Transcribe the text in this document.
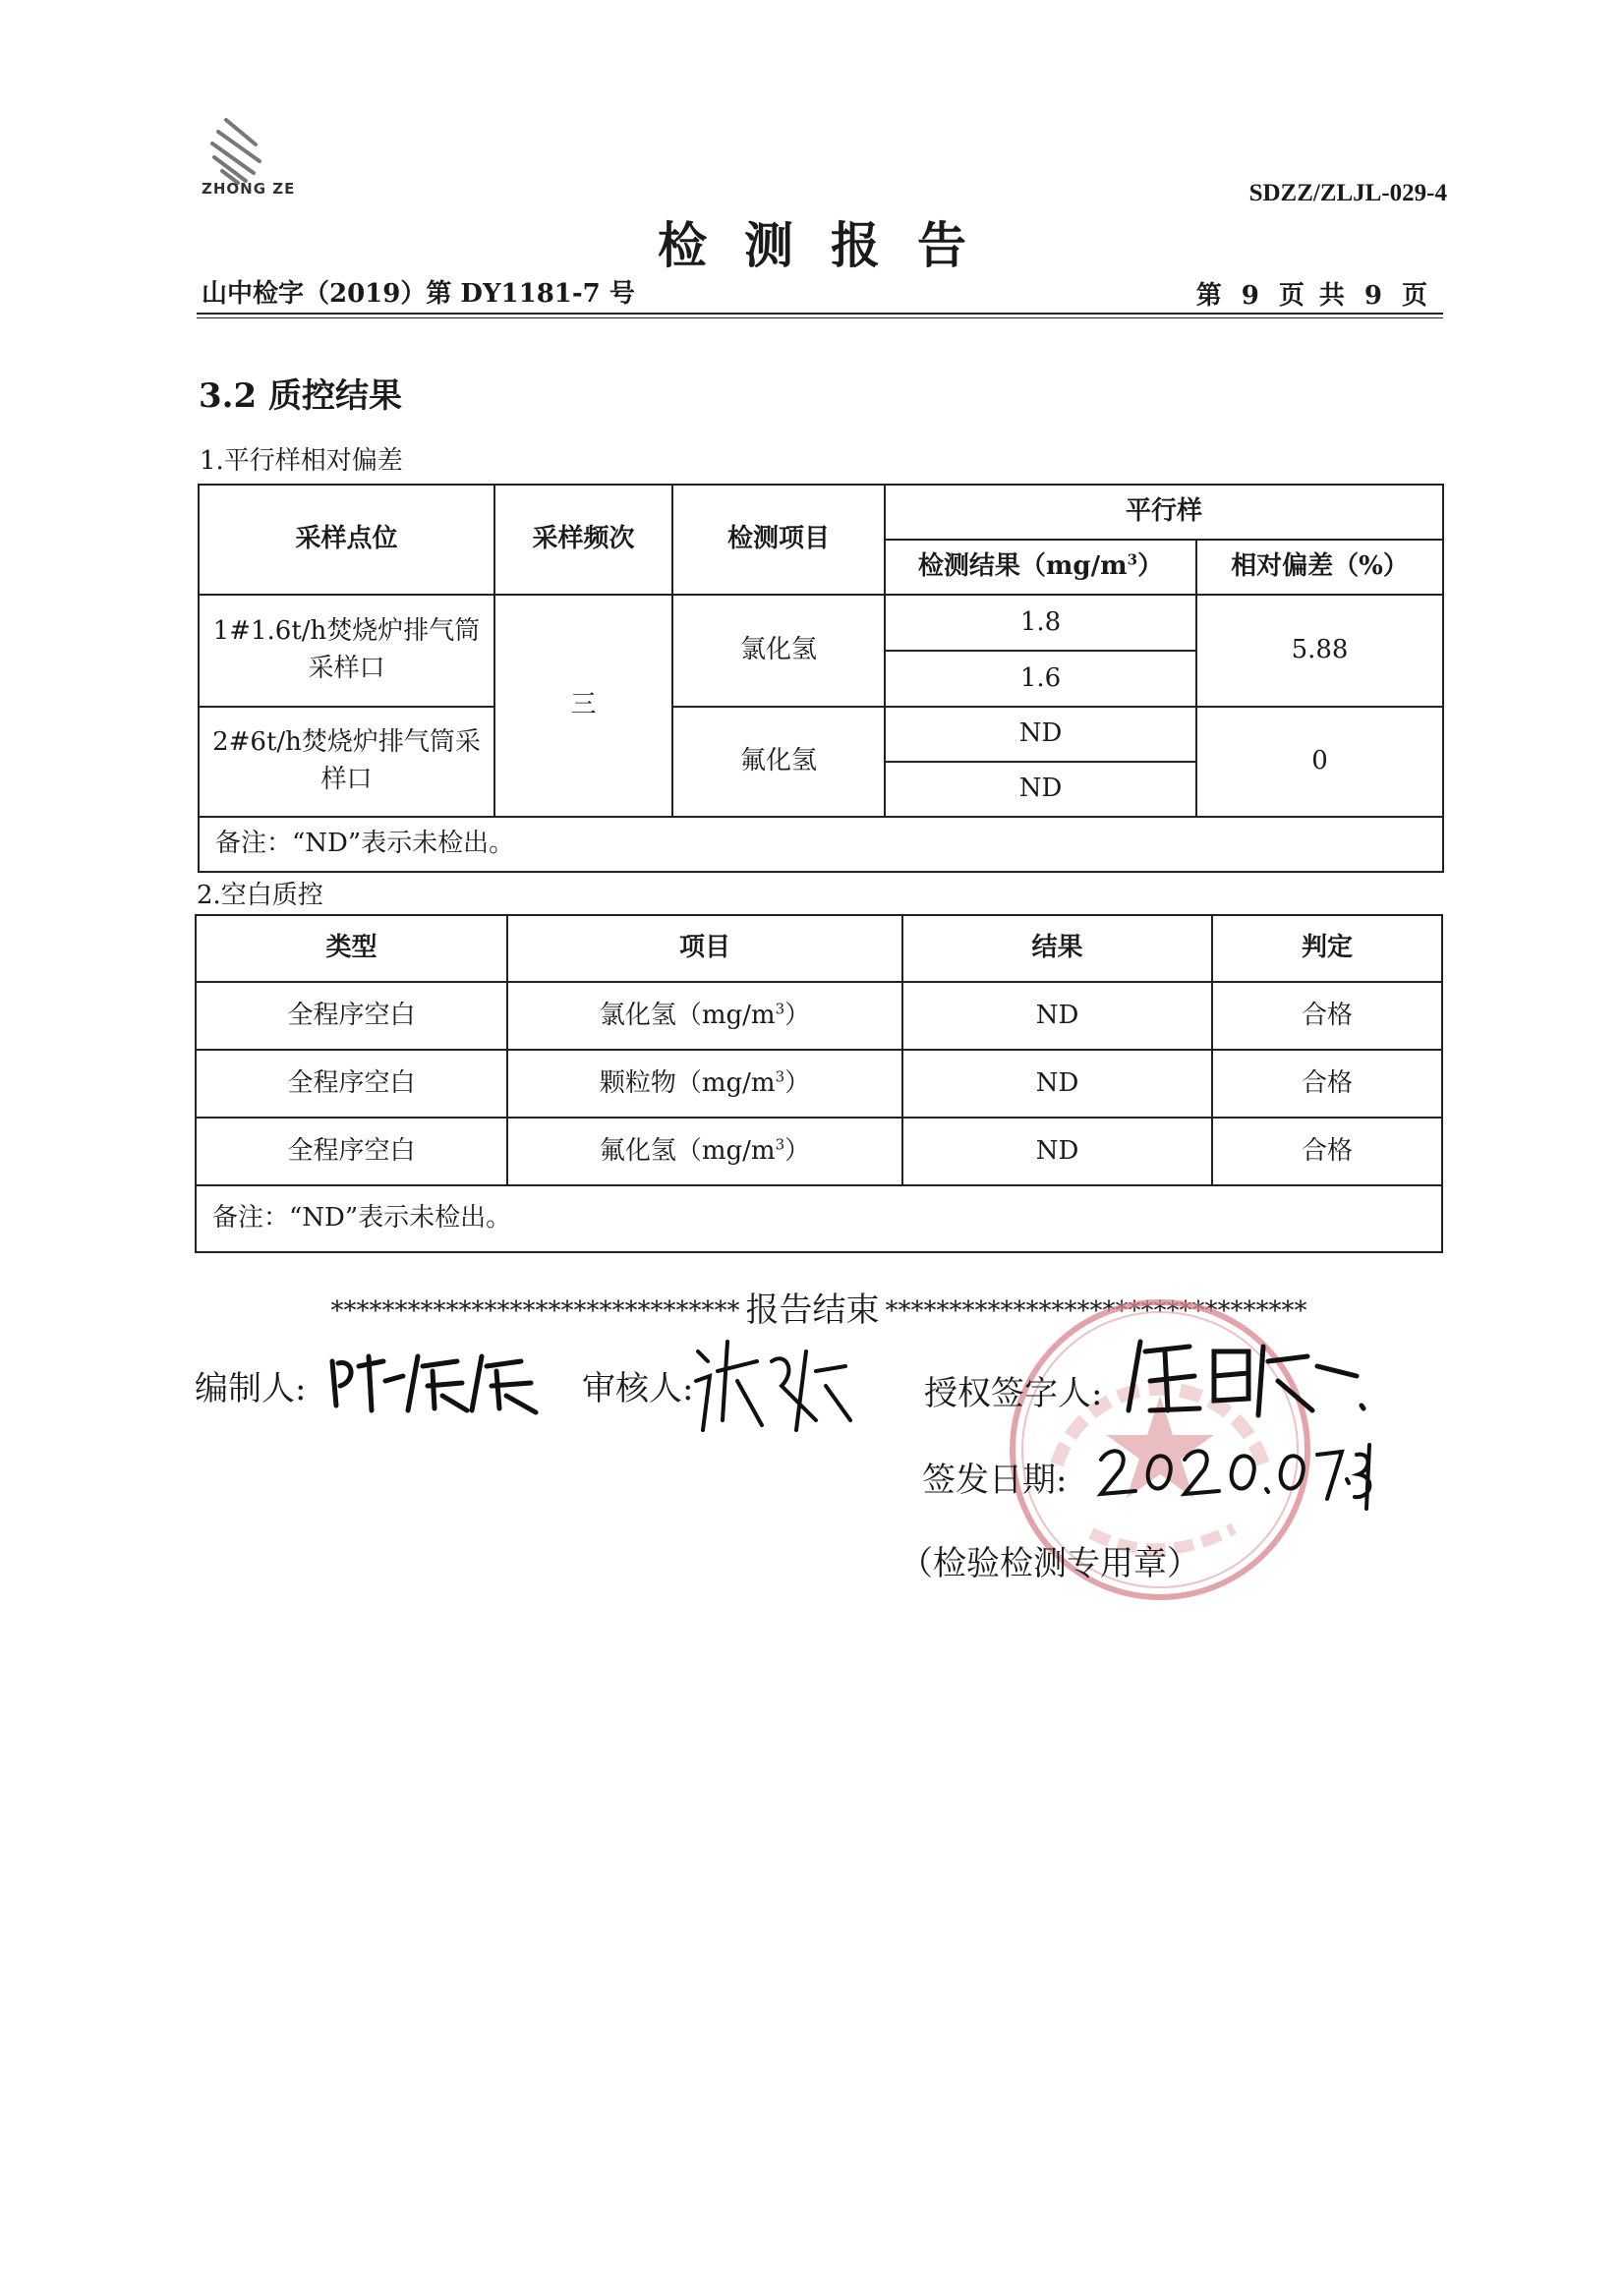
ZHONG ZE	SDZZ/ZLJL-029-4
检测报告
山中检字（2019）第 DY1181-7 号	第 9 页 共 9 页
3.2 质控结果
1.平行样相对偏差
采样点位	采样频次	检测项目	平行样	
			检测结果$(mg/m^3)$	相对偏差（%）
1#1.6t/h焚烧炉排气筒采样口	三	氯化氢	1.8	5.88
			1.6	
2#6t/h焚烧炉排气筒采样口		氟化氢	ND	0
			ND	
备注：“ND”表示未检出。				
2.空白质控
类型	项目	结果	判定
全程序空白	氯化氢$(mg/m^3)$	ND	合格
全程序空白	颗粒物$(mg/m^3)$	ND	合格
全程序空白	氟化氢$(mg/m^3)$	ND	合格
备注：“ND”表示未检出。			
******************************** 报告结束 *********************************
编制人:	审核人:	授权签字人:
签发日期:
（检验检测专用章）
